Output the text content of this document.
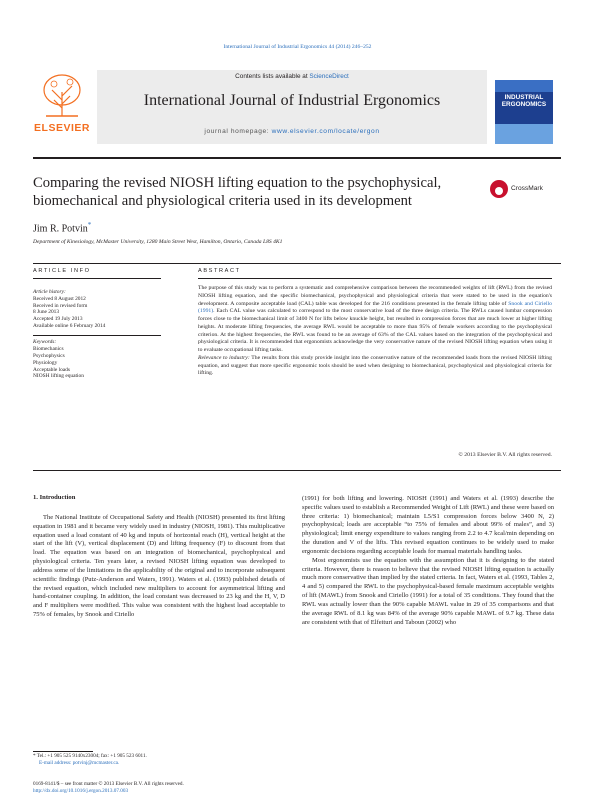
International Journal of Industrial Ergonomics 44 (2014) 246–252
ELSEVIER
Contents lists available at ScienceDirect
International Journal of Industrial Ergonomics
journal homepage: www.elsevier.com/locate/ergon
INDUSTRIAL ERGONOMICS
Comparing the revised NIOSH lifting equation to the psychophysical,
biomechanical and physiological criteria used in its development
CrossMark
Jim R. Potvin*
Department of Kinesiology, McMaster University, 1280 Main Street West, Hamilton, Ontario, Canada L8S 4K1
ARTICLE INFO	ABSTRACT
Article history:
Received 8 August 2012
Received in revised form
8 June 2013
Accepted 19 July 2013
Available online 6 February 2014
Keywords:
Biomechanics
Psychophysics
Physiology
Acceptable loads
NIOSH lifting equation
The purpose of this study was to perform a systematic and comprehensive comparison between the recommended weights of lift (RWL) from the revised NIOSH lifting equation, and the specific biomechanical, psychophysical and physiological criteria that were stated to be used in the equation's development. A composite acceptable load (CAL) table was developed for the 216 conditions presented in the female lifting table of Snook and Ciriello (1991). Each CAL value was calculated to correspond to the most conservative load of the three design criteria. The RWLs caused lumbar compression forces close to the biomechanical limit of 3400 N for lifts below knuckle height, but resulted in compression forces that are much lower at higher lifting heights. At moderate lifting frequencies, the average RWL would be acceptable to more than 95% of female workers according to the psychophysical criterion. At the highest frequencies, the RWL was found to be an average of 63% of the CAL values based on the integration of the psychophysical and physiological criteria. It is recommended that ergonomists acknowledge the very conservative nature of the revised NIOSH lifting equation when using it to evaluate occupational lifting tasks.
Relevance to industry: The results from this study provide insight into the conservative nature of the recommended loads from the revised NIOSH lifting equation, and suggest that more specific ergonomic tools should be used when designing to biomechanical, psychophysical and physiological criteria for lifting.
© 2013 Elsevier B.V. All rights reserved.
1. Introduction

The National Institute of Occupational Safety and Health (NIOSH) presented its first lifting equation in 1981 and it became very widely used in industry (NIOSH, 1981). This multiplicative equation used a load constant of 40 kg and inputs of horizontal reach (H), vertical height at the start of the lift (V), vertical displacement (D) and lifting frequency (F) to discount from that load. The equation was based on an integration of biomechanical, psychophysical and physiological criteria. Ten years later, a revised NIOSH lifting equation was developed to address some of the limitations in the applicability of the original and to incorporate subsequent scientific findings (Putz-Anderson and Waters, 1991). Waters et al. (1993) published details of the revised equation, which included new multipliers to account for asymmetrical lifting and hand-container coupling. In addition, the load constant was decreased to 23 kg and the H, V, D and F multipliers were modified. This value was consistent with the highest load acceptable to 75% of females, by Snook and Ciriello

(1991) for both lifting and lowering. NIOSH (1991) and Waters et al. (1993) describe the specific values used to establish a Recommended Weight of Lift (RWL) and these were based on three criteria: 1) biomechanical; maintain L5/S1 compression forces below 3400 N, 2) psychophysical; loads are acceptable “to 75% of females and about 99% of males”, and 3) physiological; limit energy expenditure to values ranging from 2.2 to 4.7 kcal/min depending on the duration and V of the lifts. This revised equation continues to be widely used to make ergonomic decisions regarding acceptable loads for manual materials handling tasks.

Most ergonomists use the equation with the assumption that it is designing to the stated criteria. However, there is reason to believe that the revised NIOSH lifting equation is actually much more conservative than implied by the stated criteria. In fact, Waters et al. (1993, Tables 2, 4 and 5) compared the RWL to the psychophysical-based female maximum acceptable weights of lift (MAWL) from Snook and Ciriello (1991) for a total of 35 conditions. They found that the RWL was actually lower than the 90% capable MAWL value in 29 of 35 comparisons and that the average RWL of 8.1 kg was 84% of the average 90% capable MAWL of 9.7 kg. These data are consistent with that of Elfeituri and Taboun (2002) who

* Tel.: +1 905 525 9140x23004; fax: +1 905 523 6011.
E-mail address: potvinj@mcmaster.ca.
0169-8141/$ – see front matter © 2013 Elsevier B.V. All rights reserved.
http://dx.doi.org/10.1016/j.ergon.2013.07.003
